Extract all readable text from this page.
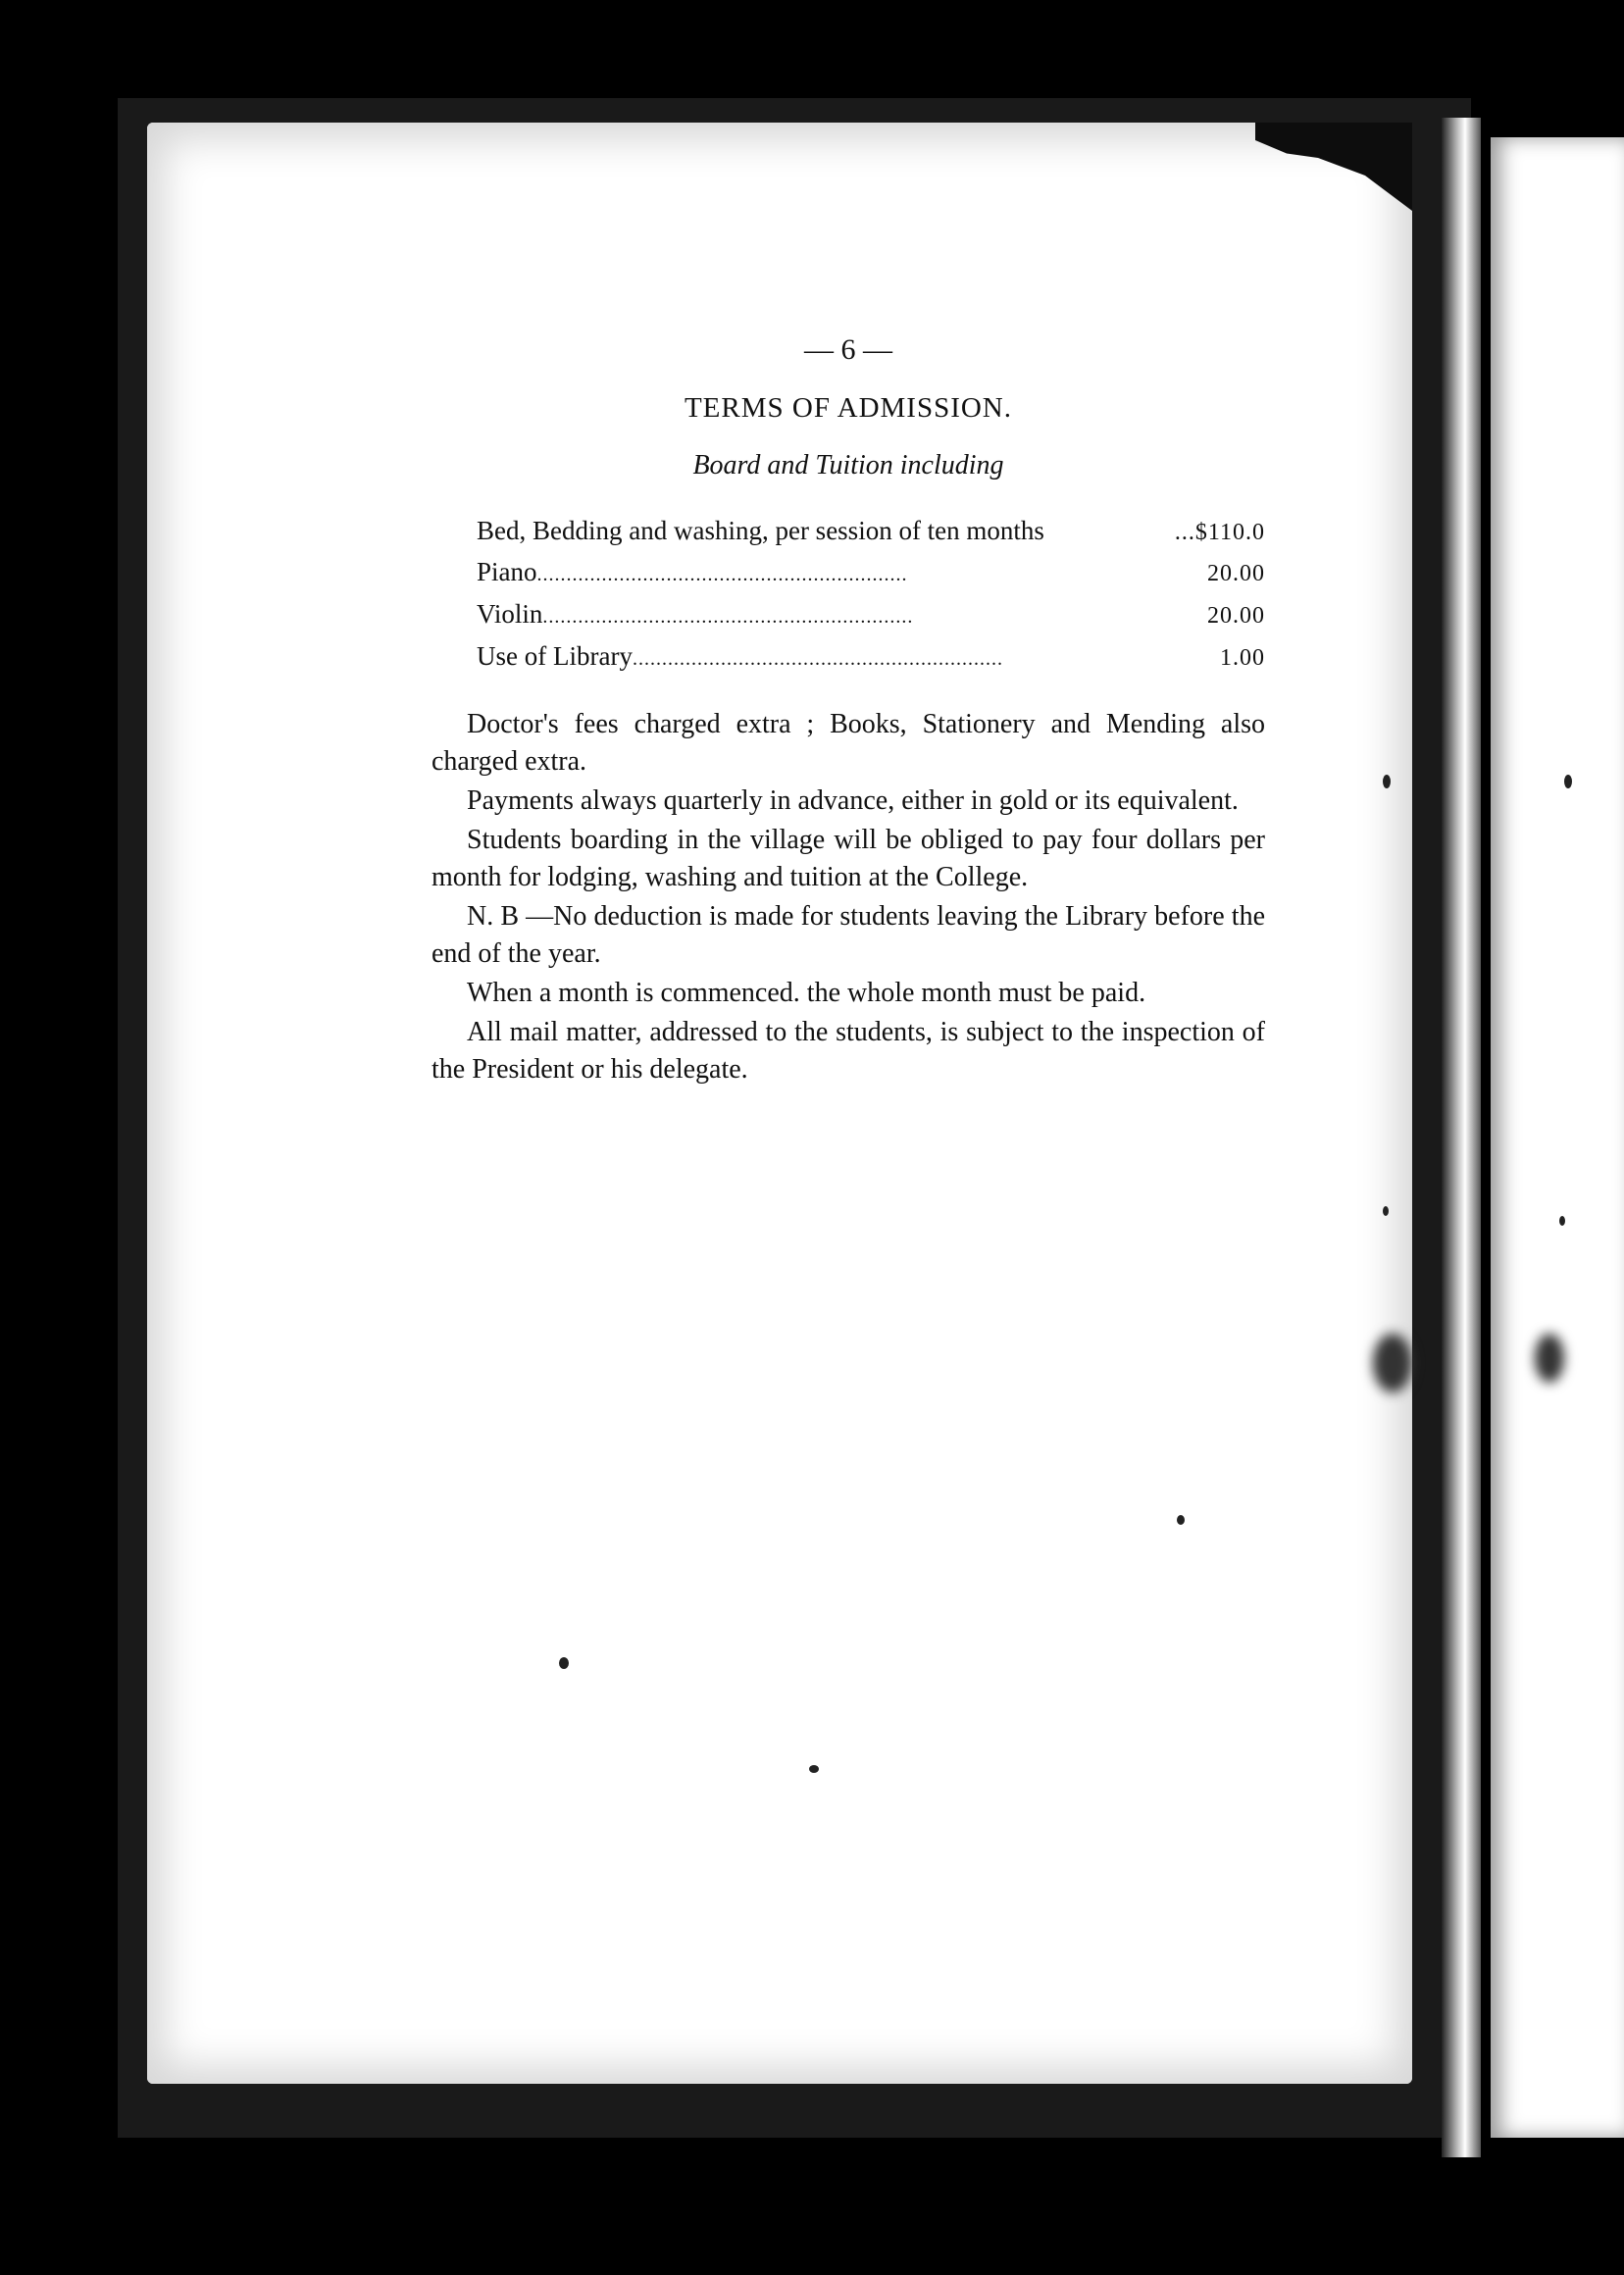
— 6 —
TERMS OF ADMISSION.
Board and Tuition including
Bed, Bedding and washing, per session of ten months	...$110.0
Piano ...............................................................	20.00
Violin ...............................................................	20.00
Use of Library ...............................................................	1.00

Doctor's fees charged extra ; Books, Stationery and Mending also charged extra.

Payments always quarterly in advance, either in gold or its equivalent.

Students boarding in the village will be obliged to pay four dollars per month for lodging, washing and tuition at the College.

N. B —No deduction is made for students leaving the Library before the end of the year.

When a month is commenced. the whole month must be paid.

All mail matter, addressed to the students, is subject to the inspection of the President or his delegate.
